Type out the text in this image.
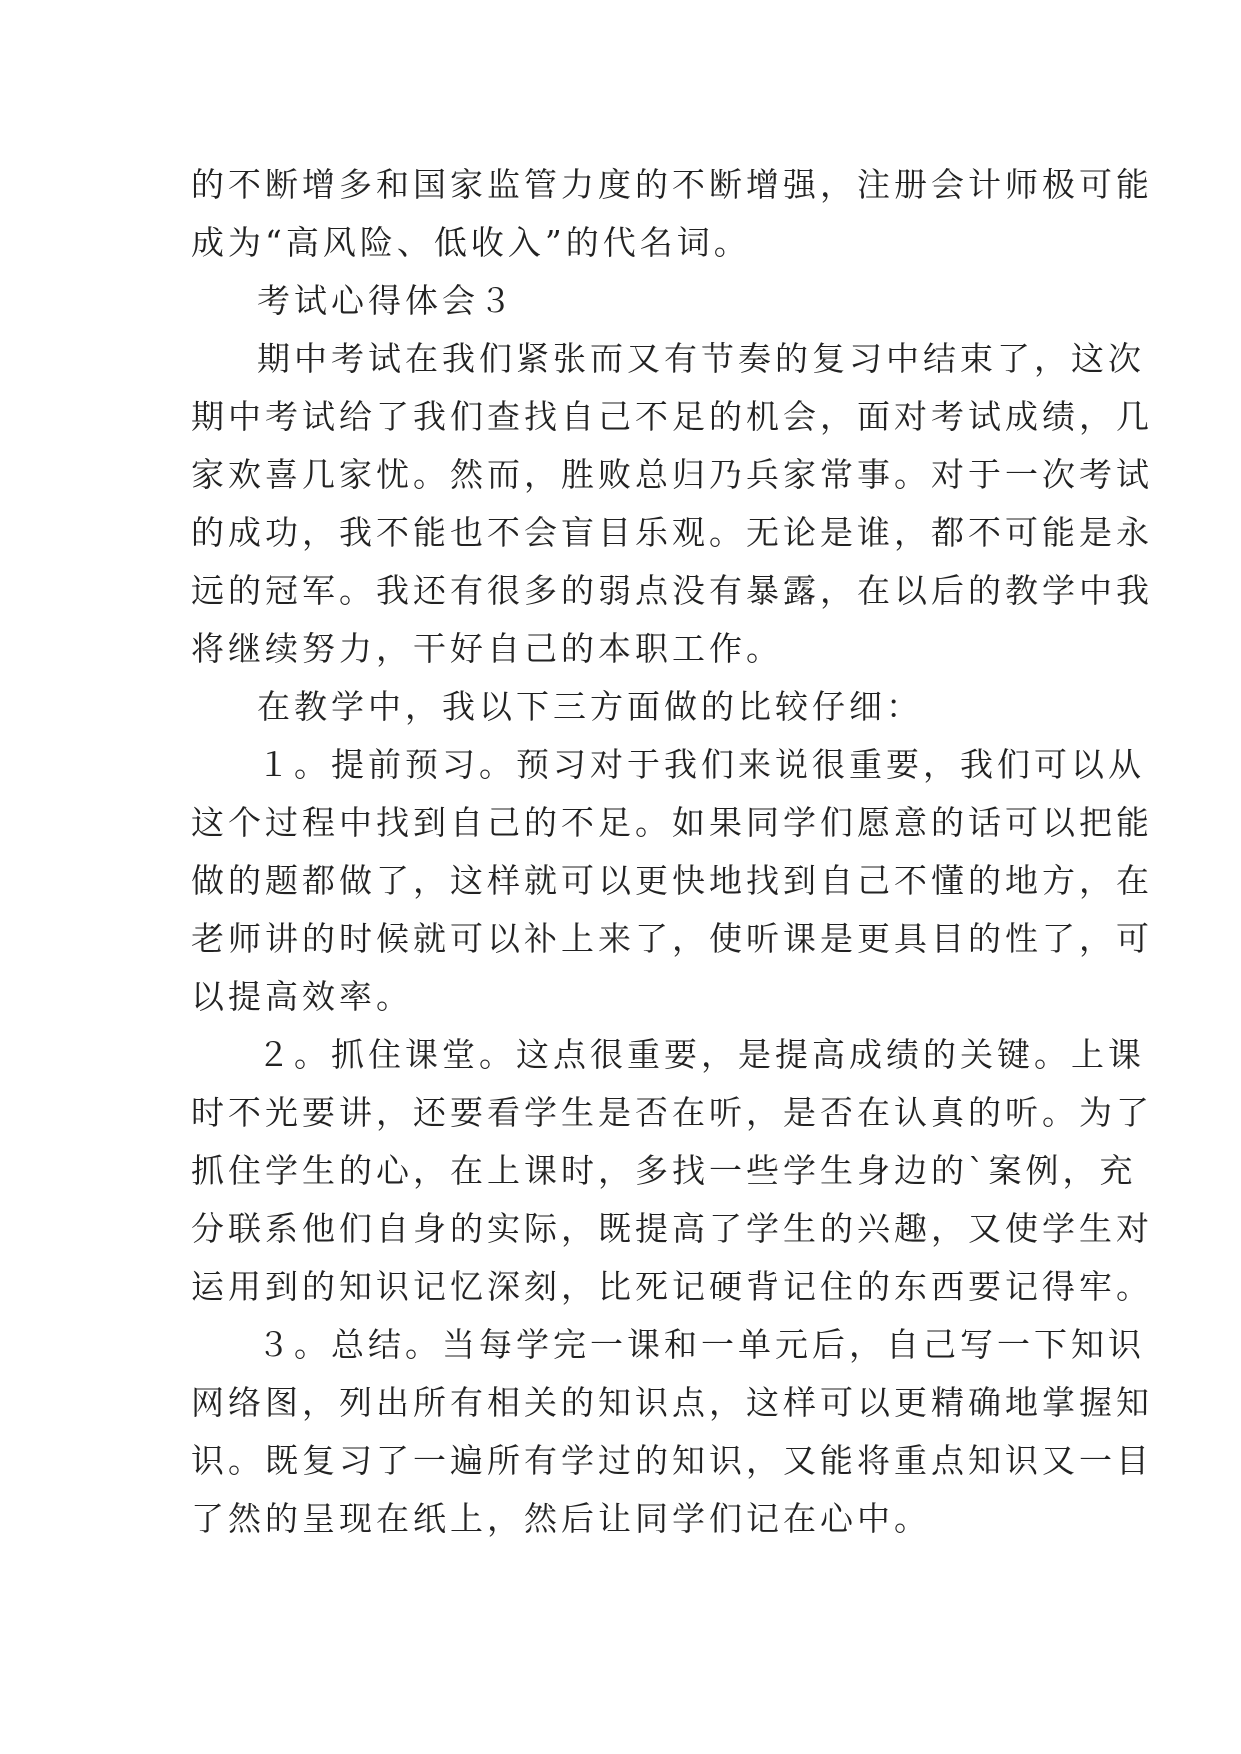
的不断增多和国家监管力度的不断增强，注册会计师极可能
成为“高风险、低收入”的代名词。

考试心得体会３

期中考试在我们紧张而又有节奏的复习中结束了，这次
期中考试给了我们查找自己不足的机会，面对考试成绩，几
家欢喜几家忧。然而，胜败总归乃兵家常事。对于一次考试
的成功，我不能也不会盲目乐观。无论是谁，都不可能是永
远的冠军。我还有很多的弱点没有暴露，在以后的教学中我
将继续努力，干好自己的本职工作。

在教学中，我以下三方面做的比较仔细：

１。提前预习。预习对于我们来说很重要，我们可以从
这个过程中找到自己的不足。如果同学们愿意的话可以把能
做的题都做了，这样就可以更快地找到自己不懂的地方，在
老师讲的时候就可以补上来了，使听课是更具目的性了，可
以提高效率。

２。抓住课堂。这点很重要，是提高成绩的关键。上课
时不光要讲，还要看学生是否在听，是否在认真的听。为了
抓住学生的心，在上课时，多找一些学生身边的`案例，充
分联系他们自身的实际，既提高了学生的兴趣，又使学生对
运用到的知识记忆深刻，比死记硬背记住的东西要记得牢。

３。总结。当每学完一课和一单元后，自己写一下知识
网络图，列出所有相关的知识点，这样可以更精确地掌握知
识。既复习了一遍所有学过的知识，又能将重点知识又一目
了然的呈现在纸上，然后让同学们记在心中。
